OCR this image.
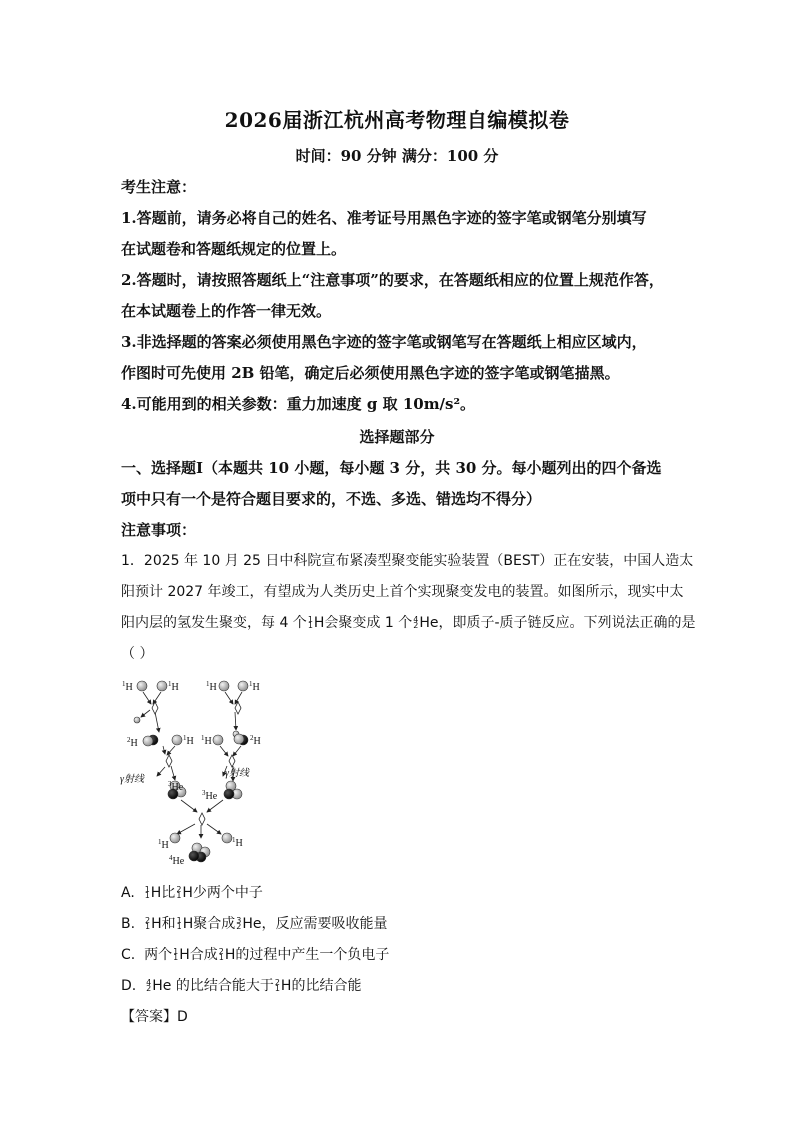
2026届浙江杭州高考物理自编模拟卷
时间：90 分钟 满分：100 分
考生注意：
1.答题前，请务必将自己的姓名、准考证号用黑色字迹的签字笔或钢笔分别填写
在试题卷和答题纸规定的位置上。
2.答题时，请按照答题纸上“注意事项”的要求，在答题纸相应的位置上规范作答，
在本试题卷上的作答一律无效。
3.非选择题的答案必须使用黑色字迹的签字笔或钢笔写在答题纸上相应区域内，
作图时可先使用 2B 铅笔，确定后必须使用黑色字迹的签字笔或钢笔描黑。
4.可能用到的相关参数：重力加速度 g 取 10m/s²。
选择题部分
一、选择题Ⅰ（本题共 10 小题，每小题 3 分，共 30 分。每小题列出的四个备选
项中只有一个是符合题目要求的，不选、多选、错选均不得分）
注意事项：
1．2025 年 10 月 25 日中科院宣布紧凑型聚变能实验装置（BEST）正在安装，中国人造太
阳预计 2027 年竣工，有望成为人类历史上首个实现聚变发电的装置。如图所示，现实中太
阳内层的氢发生聚变，每 4 个 1
1 H会聚变成 1 个 4
2 He，即质子-质子链反应。下列说法正确的是
（ ）
$^1$H	$^1$H	$^1$H	$^1$H
$^2$H	$^1$H $^1$H	$^2$H
γ射线
γ射线
$^3$He	$^3$He
$^1$H	$^1$H
$^4$He
A. 1
1 H比 2
1 H少两个中子
B. 2
1 H和 1
1 H聚合成 3
2 He，反应需要吸收能量
C. 两个 1
1 H合成 2
1 H的过程中产生一个负电子
D. 4
2 He 的比结合能大于 2
1 H的比结合能
【答案】D
